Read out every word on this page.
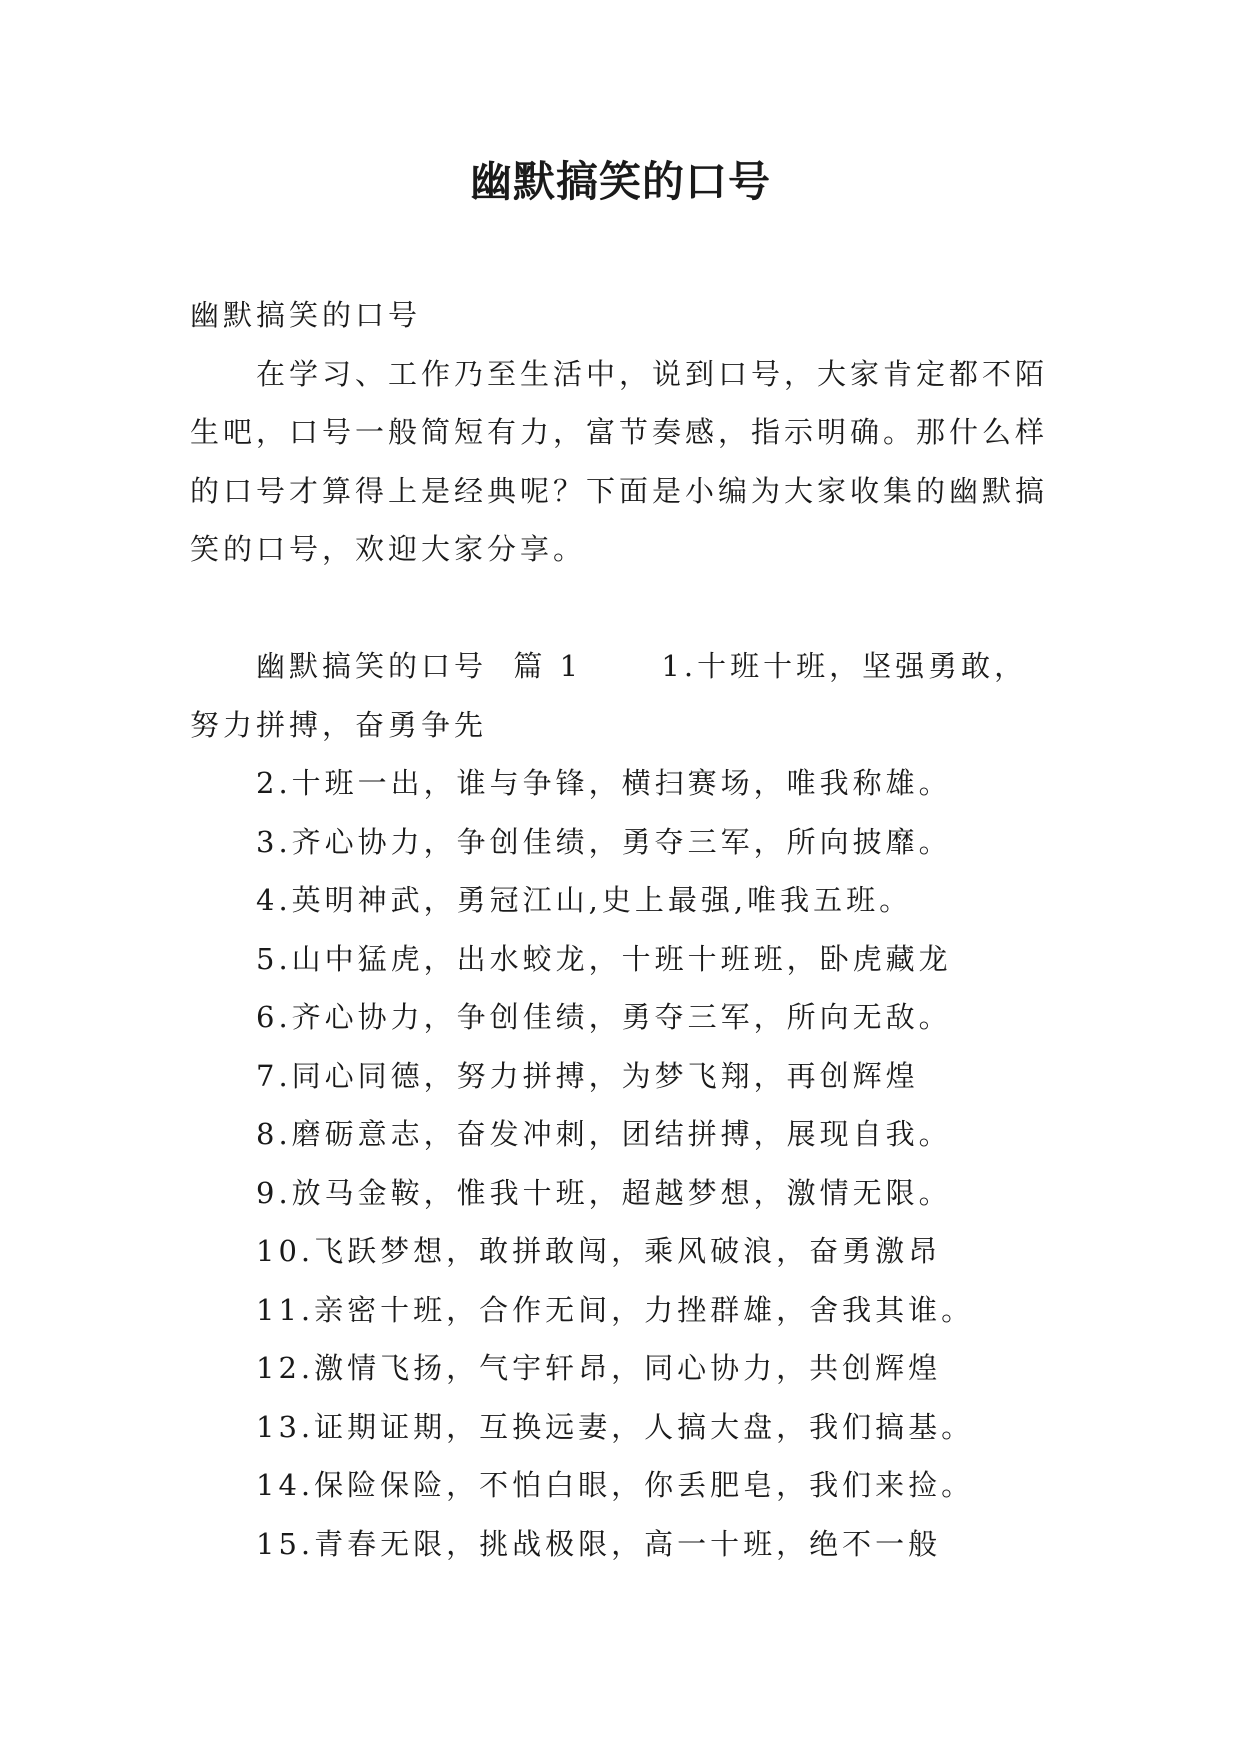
幽默搞笑的口号

幽默搞笑的口号

在学习、工作乃至生活中，说到口号，大家肯定都不陌生吧，口号一般简短有力，富节奏感，指示明确。那什么样的口号才算得上是经典呢？下面是小编为大家收集的幽默搞笑的口号，欢迎大家分享。

幽默搞笑的口号  篇 1      1.十班十班，坚强勇敢，努力拼搏，奋勇争先

2.十班一出，谁与争锋，横扫赛场，唯我称雄。

3.齐心协力，争创佳绩，勇夺三军，所向披靡。

4.英明神武，勇冠江山,史上最强,唯我五班。

5.山中猛虎，出水蛟龙，十班十班班，卧虎藏龙

6.齐心协力，争创佳绩，勇夺三军，所向无敌。

7.同心同德，努力拼搏，为梦飞翔，再创辉煌

8.磨砺意志，奋发冲刺，团结拼搏，展现自我。

9.放马金鞍，惟我十班，超越梦想，激情无限。

10.飞跃梦想，敢拼敢闯，乘风破浪，奋勇激昂

11.亲密十班，合作无间，力挫群雄，舍我其谁。

12.激情飞扬，气宇轩昂，同心协力，共创辉煌

13.证期证期，互换远妻，人搞大盘，我们搞基。

14.保险保险，不怕白眼，你丢肥皂，我们来捡。

15.青春无限，挑战极限，高一十班，绝不一般
